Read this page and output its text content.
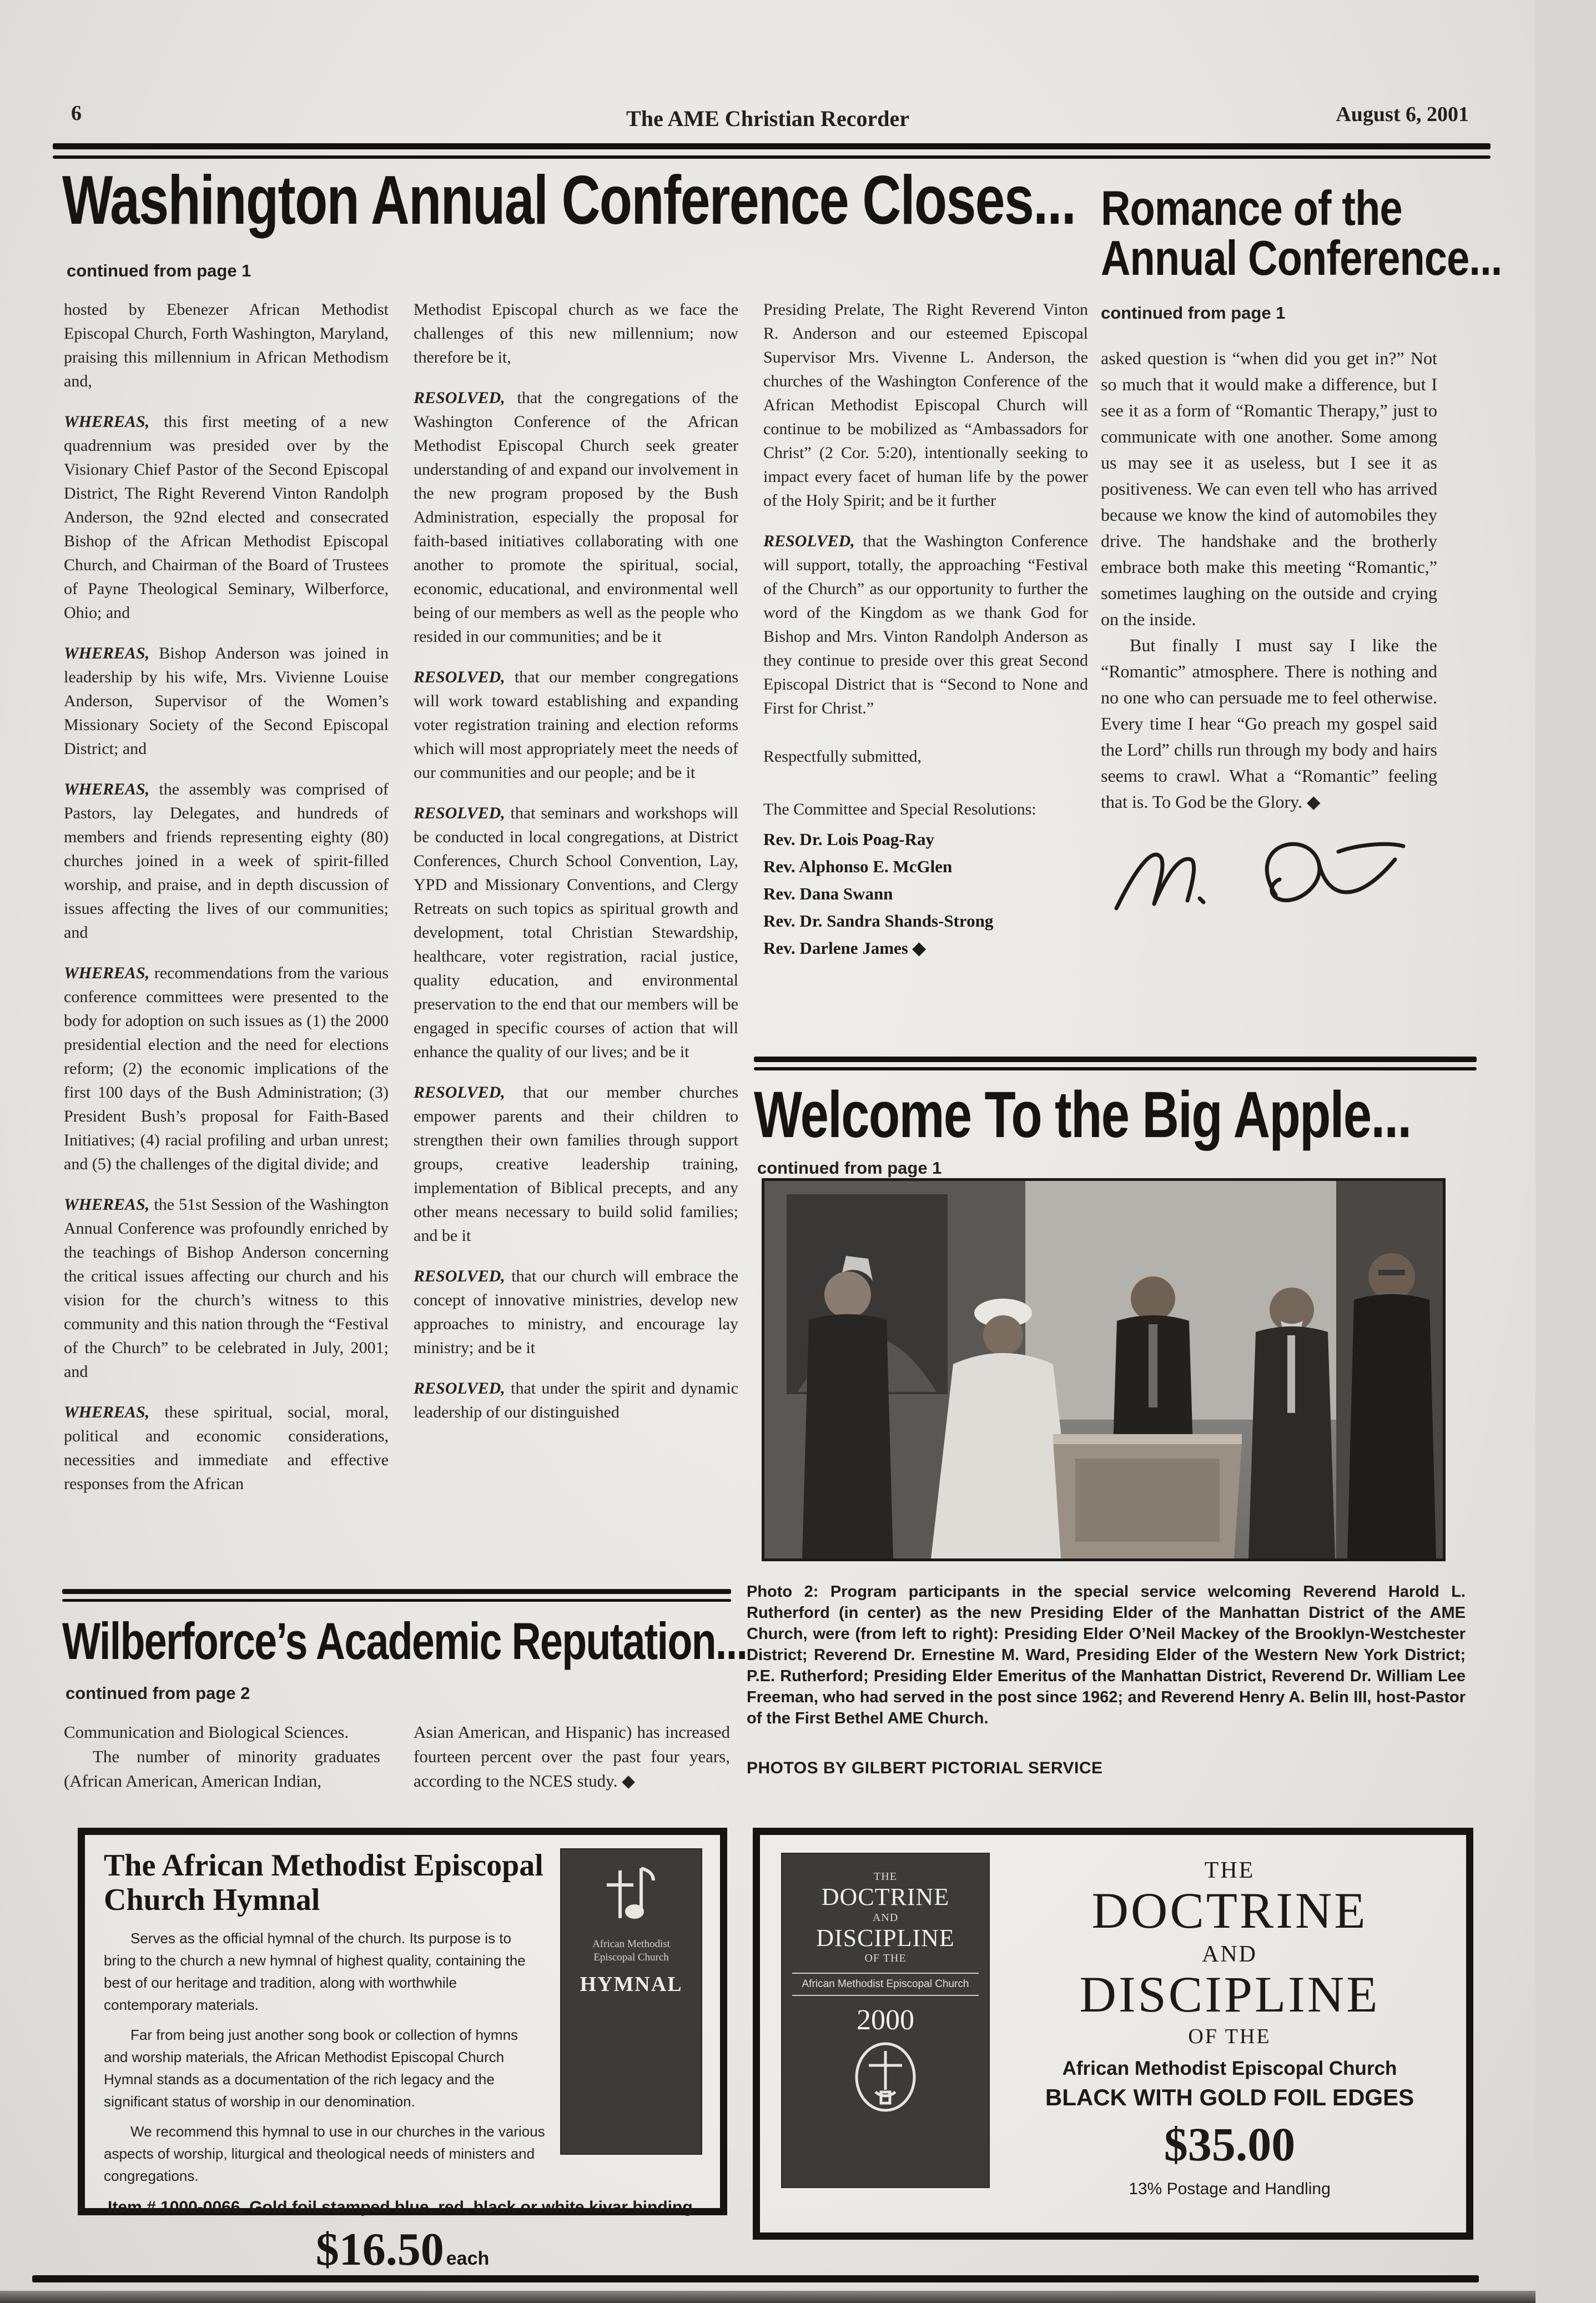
6	The AME Christian Recorder	August 6, 2001
Washington Annual Conference Closes...
continued from page 1

hosted by Ebenezer African Methodist Episcopal Church, Forth Washington, Maryland, praising this millennium in African Methodism and,

WHEREAS, this first meeting of a new quadrennium was presided over by the Visionary Chief Pastor of the Second Episcopal District, The Right Reverend Vinton Randolph Anderson, the 92nd elected and consecrated Bishop of the African Methodist Episcopal Church, and Chairman of the Board of Trustees of Payne Theological Seminary, Wilberforce, Ohio; and

WHEREAS, Bishop Anderson was joined in leadership by his wife, Mrs. Vivienne Louise Anderson, Supervisor of the Women’s Missionary Society of the Second Episcopal District; and

WHEREAS, the assembly was comprised of Pastors, lay Delegates, and hundreds of members and friends representing eighty (80) churches joined in a week of spirit-filled worship, and praise, and in depth discussion of issues affecting the lives of our communities; and

WHEREAS, recommendations from the various conference committees were presented to the body for adoption on such issues as (1) the 2000 presidential election and the need for elections reform; (2) the economic implications of the first 100 days of the Bush Administration; (3) President Bush’s proposal for Faith-Based Initiatives; (4) racial profiling and urban unrest; and (5) the challenges of the digital divide; and

WHEREAS, the 51st Session of the Washington Annual Conference was profoundly enriched by the teachings of Bishop Anderson concerning the critical issues affecting our church and his vision for the church’s witness to this community and this nation through the “Festival of the Church” to be celebrated in July, 2001; and

WHEREAS, these spiritual, social, moral, political and economic considerations, necessities and immediate and effective responses from the African

Methodist Episcopal church as we face the challenges of this new millennium; now therefore be it,

RESOLVED, that the congregations of the Washington Conference of the African Methodist Episcopal Church seek greater understanding of and expand our involvement in the new program proposed by the Bush Administration, especially the proposal for faith-based initiatives collaborating with one another to promote the spiritual, social, economic, educational, and environmental well being of our members as well as the people who resided in our communities; and be it

RESOLVED, that our member congregations will work toward establishing and expanding voter registration training and election reforms which will most appropriately meet the needs of our communities and our people; and be it

RESOLVED, that seminars and workshops will be conducted in local congregations, at District Conferences, Church School Convention, Lay, YPD and Missionary Conventions, and Clergy Retreats on such topics as spiritual growth and development, total Christian Stewardship, healthcare, voter registration, racial justice, quality education, and environmental preservation to the end that our members will be engaged in specific courses of action that will enhance the quality of our lives; and be it

RESOLVED, that our member churches empower parents and their children to strengthen their own families through support groups, creative leadership training, implementation of Biblical precepts, and any other means necessary to build solid families; and be it

RESOLVED, that our church will embrace the concept of innovative ministries, develop new approaches to ministry, and encourage lay ministry; and be it

RESOLVED, that under the spirit and dynamic leadership of our distinguished

Presiding Prelate, The Right Reverend Vinton R. Anderson and our esteemed Episcopal Supervisor Mrs. Vivenne L. Anderson, the churches of the Washington Conference of the African Methodist Episcopal Church will continue to be mobilized as “Ambassadors for Christ” (2 Cor. 5:20), intentionally seeking to impact every facet of human life by the power of the Holy Spirit; and be it further

RESOLVED, that the Washington Conference will support, totally, the approaching “Festival of the Church” as our opportunity to further the word of the Kingdom as we thank God for Bishop and Mrs. Vinton Randolph Anderson as they continue to preside over this great Second Episcopal District that is “Second to None and First for Christ.”

Respectfully submitted,
The Committee and Special Resolutions:
Rev. Dr. Lois Poag-Ray
Rev. Alphonso E. McGlen
Rev. Dana Swann
Rev. Dr. Sandra Shands-Strong
Rev. Darlene James ◆
Romance of the
Annual Conference...
continued from page 1

asked question is “when did you get in?” Not so much that it would make a difference, but I see it as a form of “Romantic Therapy,” just to communicate with one another. Some among us may see it as useless, but I see it as positiveness. We can even tell who has arrived because we know the kind of automobiles they drive. The handshake and the brotherly embrace both make this meeting “Romantic,” sometimes laughing on the outside and crying on the inside.

But finally I must say I like the “Romantic” atmosphere. There is nothing and no one who can persuade me to feel otherwise. Every time I hear “Go preach my gospel said the Lord” chills run through my body and hairs seems to crawl. What a “Romantic” feeling that is. To God be the Glory. ◆

Welcome To the Big Apple...
continued from page 1
Photo 2: Program participants in the special service welcoming Reverend Harold L. Rutherford (in center) as the new Presiding Elder of the Manhattan District of the AME Church, were (from left to right): Presiding Elder O’Neil Mackey of the Brooklyn-Westchester District; Reverend Dr. Ernestine M. Ward, Presiding Elder of the Western New York District; P.E. Rutherford; Presiding Elder Emeritus of the Manhattan District, Reverend Dr. William Lee Freeman, who had served in the post since 1962; and Reverend Henry A. Belin III, host-Pastor of the First Bethel AME Church.
PHOTOS BY GILBERT PICTORIAL SERVICE
Wilberforce’s Academic Reputation...
continued from page 2

Communication and Biological Sciences.

The number of minority graduates (African American, American Indian,

Asian American, and Hispanic) has increased fourteen percent over the past four years, according to the NCES study. ◆

African Methodist
Episcopal Church
HYMNAL
The African Methodist Episcopal Church Hymnal

Serves as the official hymnal of the church. Its purpose is to bring to the church a new hymnal of highest quality, containing the best of our heritage and tradition, along with worthwhile contemporary materials.

Far from being just another song book or collection of hymns and worship materials, the African Methodist Episcopal Church Hymnal stands as a documentation of the rich legacy and the significant status of worship in our denomination.

We recommend this hymnal to use in our churches in the various aspects of worship, liturgical and theological needs of ministers and congregations.

Item # 1000-0066. Gold foil stamped blue, red, black or white kivar binding.
$16.50 each
THE
DOCTRINE
AND
DISCIPLINE
OF THE
African Methodist Episcopal Church
2000
THE
DOCTRINE
AND
DISCIPLINE
OF THE
African Methodist Episcopal Church
BLACK WITH GOLD FOIL EDGES
$35.00
13% Postage and Handling
